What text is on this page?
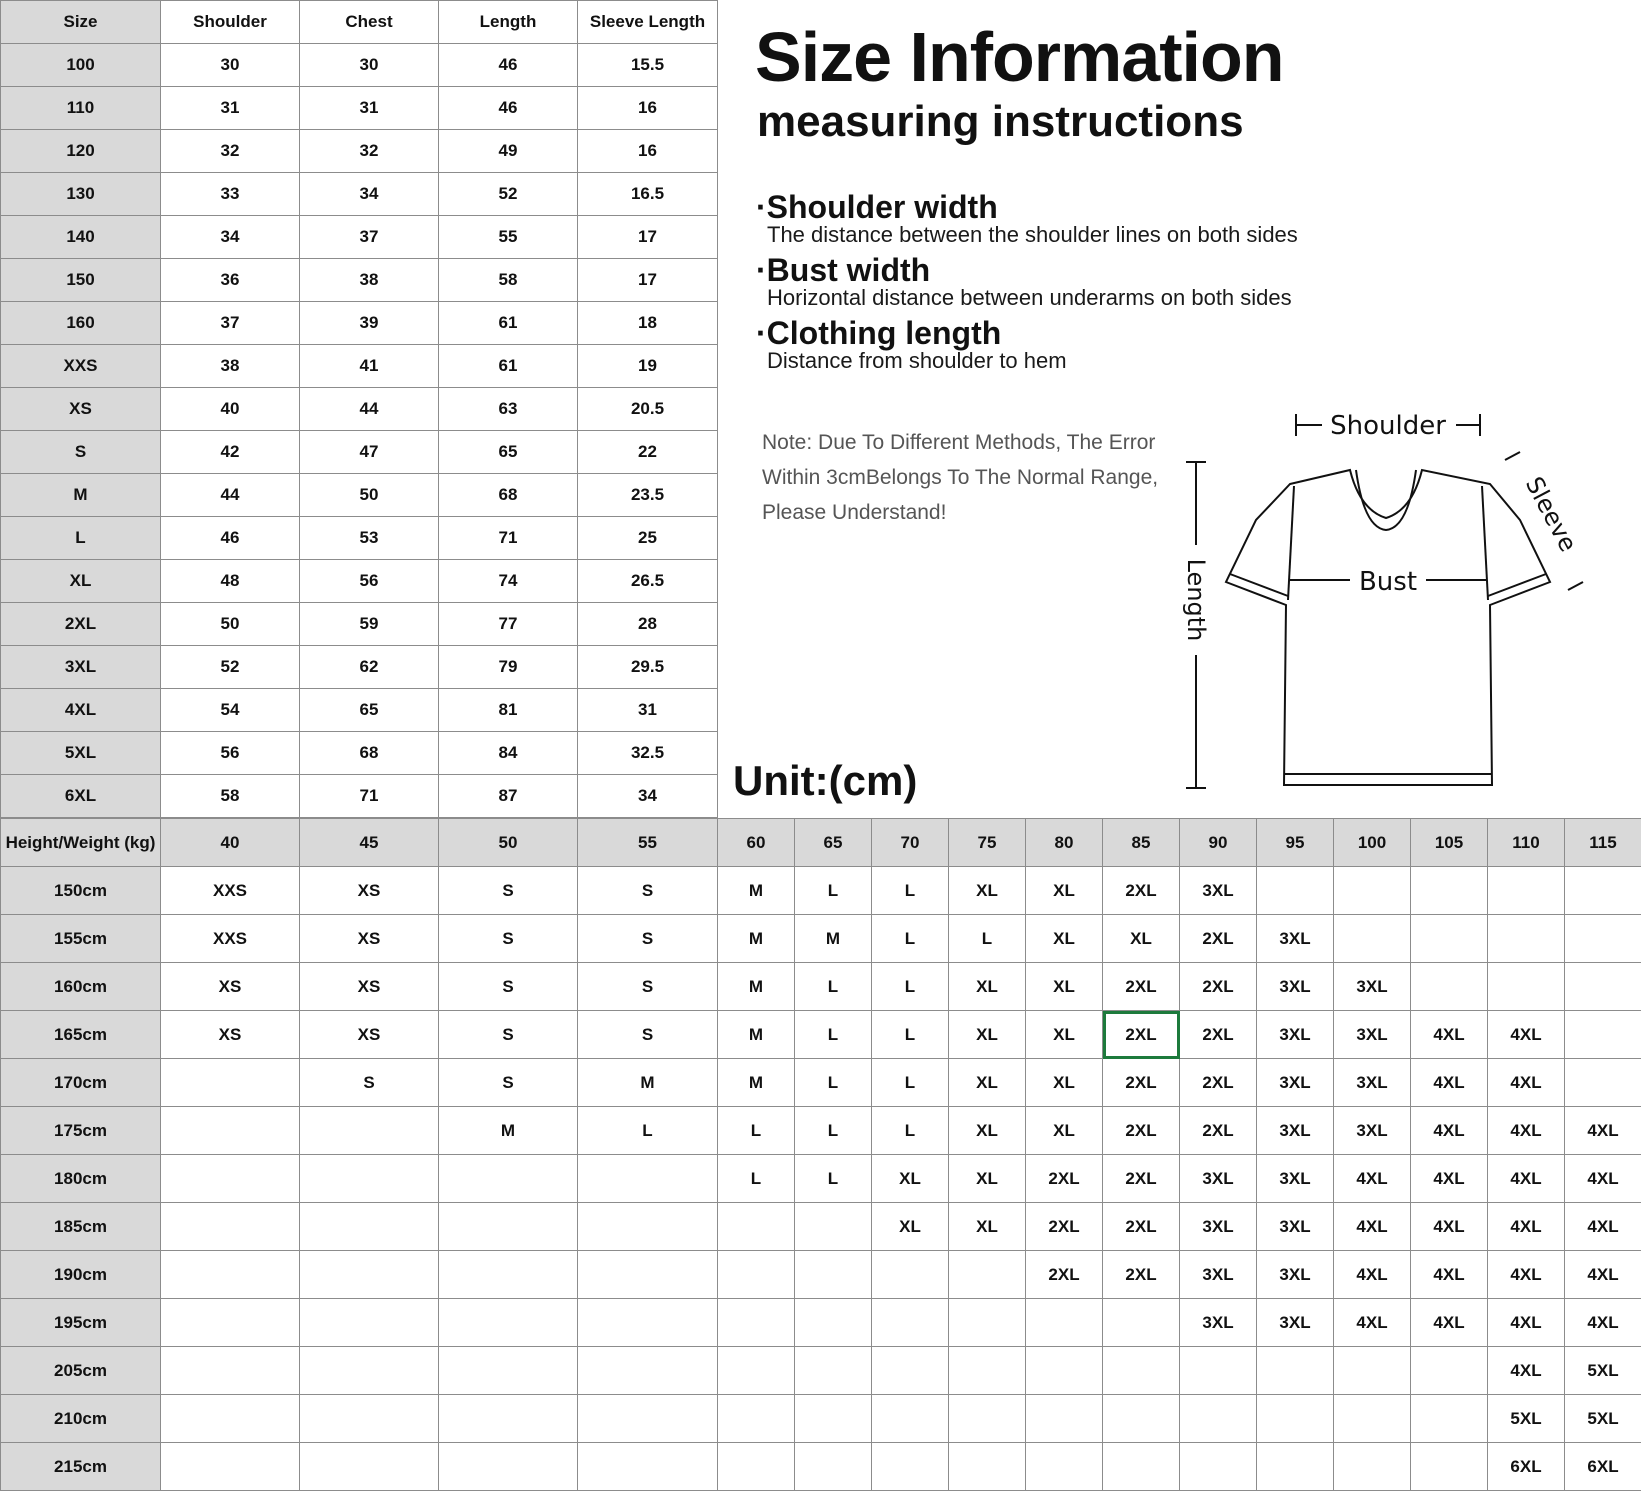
Size	Shoulder	Chest	Length	Sleeve Length
100	30	30	46	15.5
110	31	31	46	16
120	32	32	49	16
130	33	34	52	16.5
140	34	37	55	17
150	36	38	58	17
160	37	39	61	18
XXS	38	41	61	19
XS	40	44	63	20.5
S	42	47	65	22
M	44	50	68	23.5
L	46	53	71	25
XL	48	56	74	26.5
2XL	50	59	77	28
3XL	52	62	79	29.5
4XL	54	65	81	31
5XL	56	68	84	32.5
6XL	58	71	87	34
Size Information
measuring instructions
·Shoulder width
The distance between the shoulder lines on both sides
·Bust width
Horizontal distance between underarms on both sides
·Clothing length
Distance from shoulder to hem
Note: Due To Different Methods, The Error
Within 3cmBelongs To The Normal Range,
Please Understand!
Shoulder
Bust
Length
Sleeve
Unit:(cm)
Height/Weight (kg)	40	45	50	55	60	65	70	75	80	85	90	95	100	105	110	115
150cm	XXS	XS	S	S	M	L	L	XL	XL	2XL	3XL					
155cm	XXS	XS	S	S	M	M	L	L	XL	XL	2XL	3XL				
160cm	XS	XS	S	S	M	L	L	XL	XL	2XL	2XL	3XL	3XL			
165cm	XS	XS	S	S	M	L	L	XL	XL	2XL	2XL	3XL	3XL	4XL	4XL	
170cm		S	S	M	M	L	L	XL	XL	2XL	2XL	3XL	3XL	4XL	4XL	
175cm			M	L	L	L	L	XL	XL	2XL	2XL	3XL	3XL	4XL	4XL	4XL
180cm					L	L	XL	XL	2XL	2XL	3XL	3XL	4XL	4XL	4XL	4XL
185cm							XL	XL	2XL	2XL	3XL	3XL	4XL	4XL	4XL	4XL
190cm									2XL	2XL	3XL	3XL	4XL	4XL	4XL	4XL
195cm											3XL	3XL	4XL	4XL	4XL	4XL
205cm															4XL	5XL
210cm															5XL	5XL
215cm															6XL	6XL
